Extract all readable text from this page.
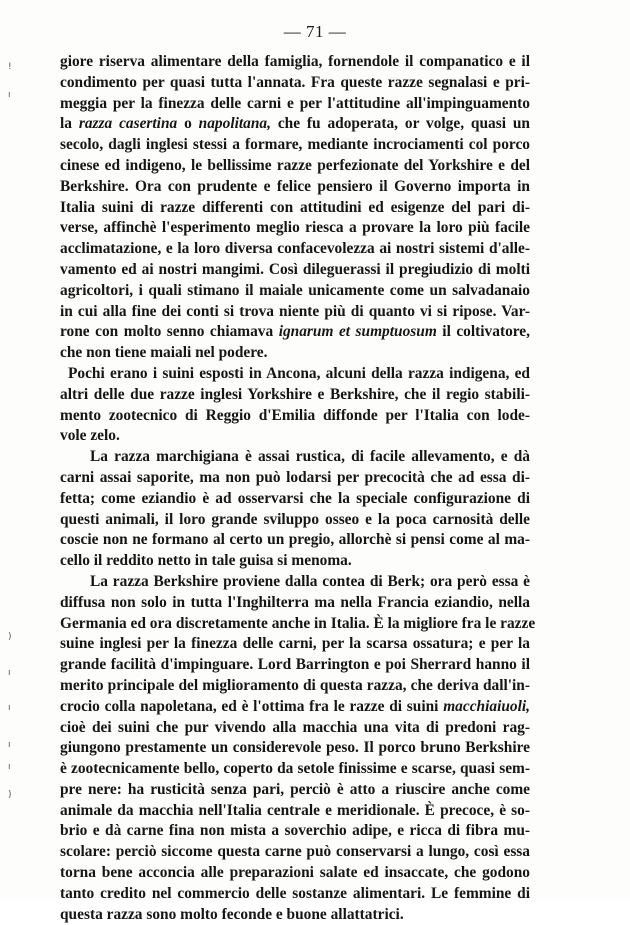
— 71 —
giore riserva alimentare della famiglia, fornendole il companatico e il
condimento per quasi tutta l'annata. Fra queste razze segnalasi e pri-
meggia per la finezza delle carni e per l'attitudine all'impinguamento
la razza casertina o napolitana, che fu adoperata, or volge, quasi un
secolo, dagli inglesi stessi a formare, mediante incrociamenti col porco
cinese ed indigeno, le bellissime razze perfezionate del Yorkshire e del
Berkshire. Ora con prudente e felice pensiero il Governo importa in
Italia suini di razze differenti con attitudini ed esigenze del pari di-
verse, affinchè l'esperimento meglio riesca a provare la loro più facile
acclimatazione, e la loro diversa confacevolezza ai nostri sistemi d'alle-
vamento ed ai nostri mangimi. Così dileguerassi il pregiudizio di molti
agricoltori, i quali stimano il maiale unicamente come un salvadanaio
in cui alla fine dei conti si trova niente più di quanto vi si ripose. Var-
rone con molto senno chiamava ignarum et sumptuosum il coltivatore,
che non tiene maiali nel podere.
Pochi erano i suini esposti in Ancona, alcuni della razza indigena, ed
altri delle due razze inglesi Yorkshire e Berkshire, che il regio stabili-
mento zootecnico di Reggio d'Emilia diffonde per l'Italia con lode-
vole zelo.
La razza marchigiana è assai rustica, di facile allevamento, e dà
carni assai saporite, ma non può lodarsi per precocità che ad essa di-
fetta; come eziandio è ad osservarsi che la speciale configurazione di
questi animali, il loro grande sviluppo osseo e la poca carnosità delle
coscie non ne formano al certo un pregio, allorchè si pensi come al ma-
cello il reddito netto in tale guisa si menoma.
La razza Berkshire proviene dalla contea di Berk; ora però essa è
diffusa non solo in tutta l'Inghilterra ma nella Francia eziandio, nella
Germania ed ora discretamente anche in Italia. È la migliore fra le razze
suine inglesi per la finezza delle carni, per la scarsa ossatura; e per la
grande facilità d'impinguare. Lord Barrington e poi Sherrard hanno il
merito principale del miglioramento di questa razza, che deriva dall'in-
crocio colla napoletana, ed è l'ottima fra le razze di suini macchiaiuoli,
cioè dei suini che pur vivendo alla macchia una vita di predoni rag-
giungono prestamente un considerevole peso. Il porco bruno Berkshire
è zootecnicamente bello, coperto da setole finissime e scarse, quasi sem-
pre nere: ha rusticità senza pari, perciò è atto a riuscire anche come
animale da macchia nell'Italia centrale e meridionale. È precoce, è so-
brio e dà carne fina non mista a soverchio adipe, e ricca di fibra mu-
scolare: perciò siccome questa carne può conservarsi a lungo, così essa
torna bene acconcia alle preparazioni salate ed insaccate, che godono
tanto credito nel commercio delle sostanze alimentari. Le femmine di
questa razza sono molto feconde e buone allattatrici.
!
ı
)
ı
ı
ı
ı
)
